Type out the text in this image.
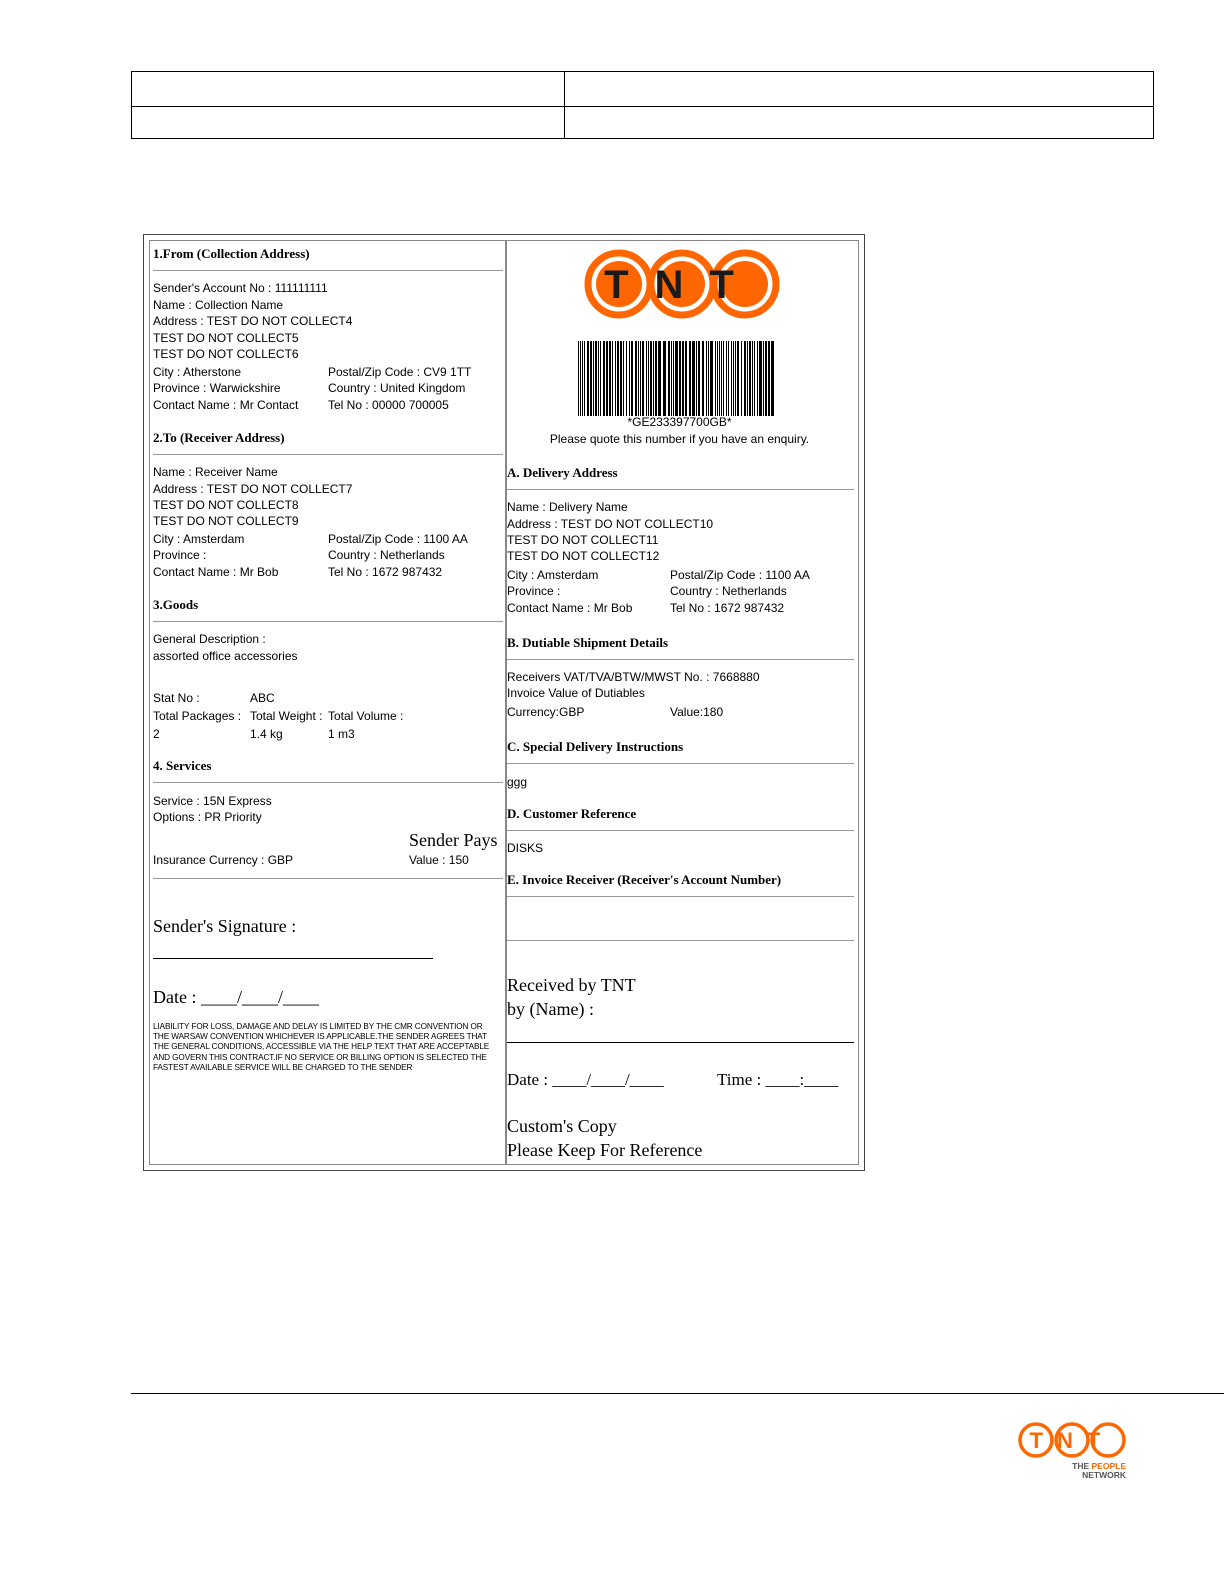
1.From (Collection Address)
Sender's Account No : 111111111
Name : Collection Name
Address : TEST DO NOT COLLECT4
TEST DO NOT COLLECT5
TEST DO NOT COLLECT6
City : Atherstone	Postal/Zip Code : CV9 1TT
Province : Warwickshire	Country : United Kingdom
Contact Name : Mr Contact Tel No : 00000 700005
2.To (Receiver Address)
Name : Receiver Name
Address : TEST DO NOT COLLECT7
TEST DO NOT COLLECT8
TEST DO NOT COLLECT9
City : Amsterdam	Postal/Zip Code : 1100 AA
Province :	Country : Netherlands
Contact Name : Mr Bob	Tel No : 1672 987432
3.Goods
General Description :
assorted office accessories
Stat No :	ABC
Total Packages : Total Weight : Total Volume :
2	1.4 kg	1 m3
4. Services
Service : 15N Express
Options : PR Priority
Sender Pays
Insurance Currency : GBP	Value : 150
Sender's Signature :
Date : ____/____/____
LIABILITY FOR LOSS, DAMAGE AND DELAY IS LIMITED BY THE CMR CONVENTION OR THE WARSAW CONVENTION WHICHEVER IS APPLICABLE.THE SENDER AGREES THAT THE GENERAL CONDITIONS, ACCESSIBLE VIA THE HELP TEXT THAT ARE ACCEPTABLE AND GOVERN THIS CONTRACT.IF NO SERVICE OR BILLING OPTION IS SELECTED THE FASTEST AVAILABLE SERVICE WILL BE CHARGED TO THE SENDER
TNT
*GE233397700GB*
Please quote this number if you have an enquiry.
A. Delivery Address
Name : Delivery Name
Address : TEST DO NOT COLLECT10
TEST DO NOT COLLECT11
TEST DO NOT COLLECT12
City : Amsterdam	Postal/Zip Code : 1100 AA
Province :	Country : Netherlands
Contact Name : Mr Bob	Tel No : 1672 987432
B. Dutiable Shipment Details
Receivers VAT/TVA/BTW/MWST No. : 7668880
Invoice Value of Dutiables
Currency:GBP	Value:180
C. Special Delivery Instructions
ggg
D. Customer Reference
DISKS
E. Invoice Receiver (Receiver's Account Number)
Received by TNT
by (Name) :
Date : ____/____/____	Time : ____:____
Custom's Copy
Please Keep For Reference
TNT
THE PEOPLE
NETWORK
